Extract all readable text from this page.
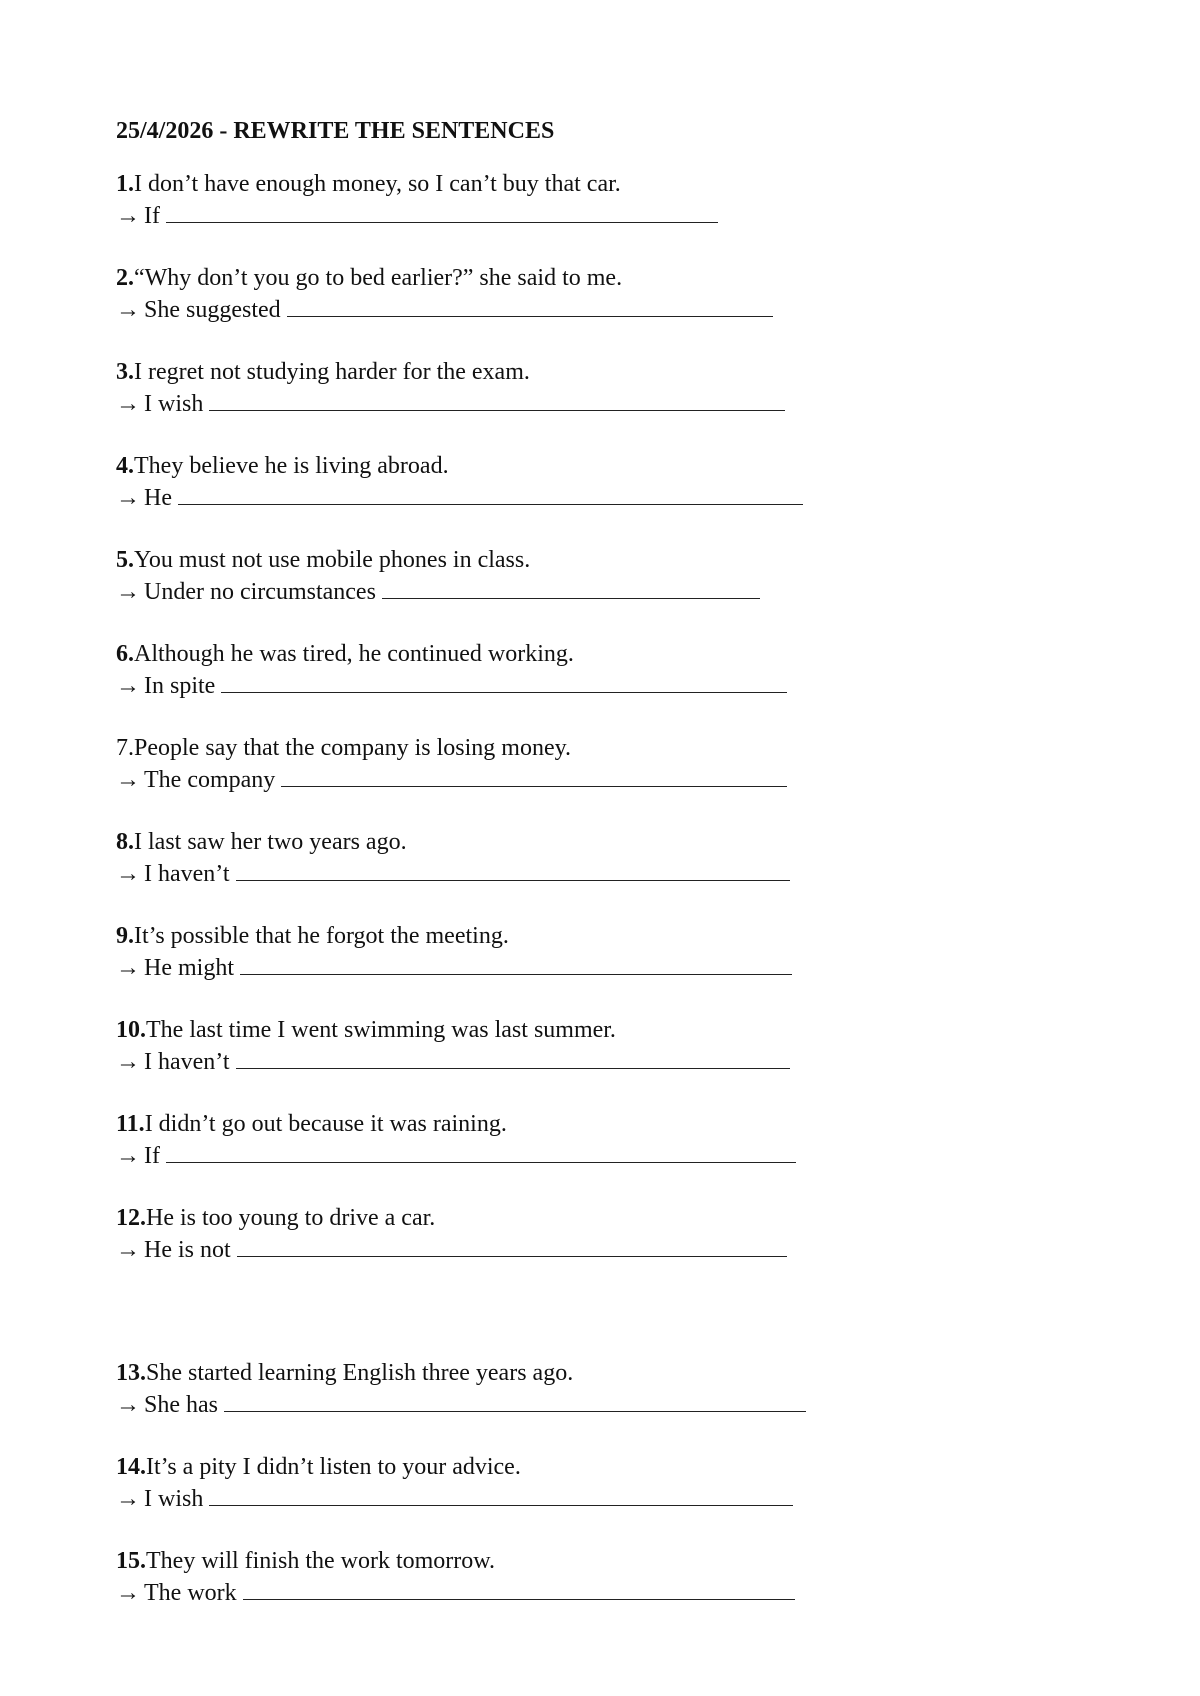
25/4/2026 - REWRITE THE SENTENCES
1.I don’t have enough money, so I can’t buy that car.
→ If
2.“Why don’t you go to bed earlier?” she said to me.
→ She suggested
3.I regret not studying harder for the exam.
→ I wish
4.They believe he is living abroad.
→ He
5.You must not use mobile phones in class.
→ Under no circumstances
6.Although he was tired, he continued working.
→ In spite
7.People say that the company is losing money.
→ The company
8.I last saw her two years ago.
→ I haven’t
9.It’s possible that he forgot the meeting.
→ He might
10.The last time I went swimming was last summer.
→ I haven’t
11.I didn’t go out because it was raining.
→ If
12.He is too young to drive a car.
→ He is not
13.She started learning English three years ago.
→ She has
14.It’s a pity I didn’t listen to your advice.
→ I wish
15.They will finish the work tomorrow.
→ The work
